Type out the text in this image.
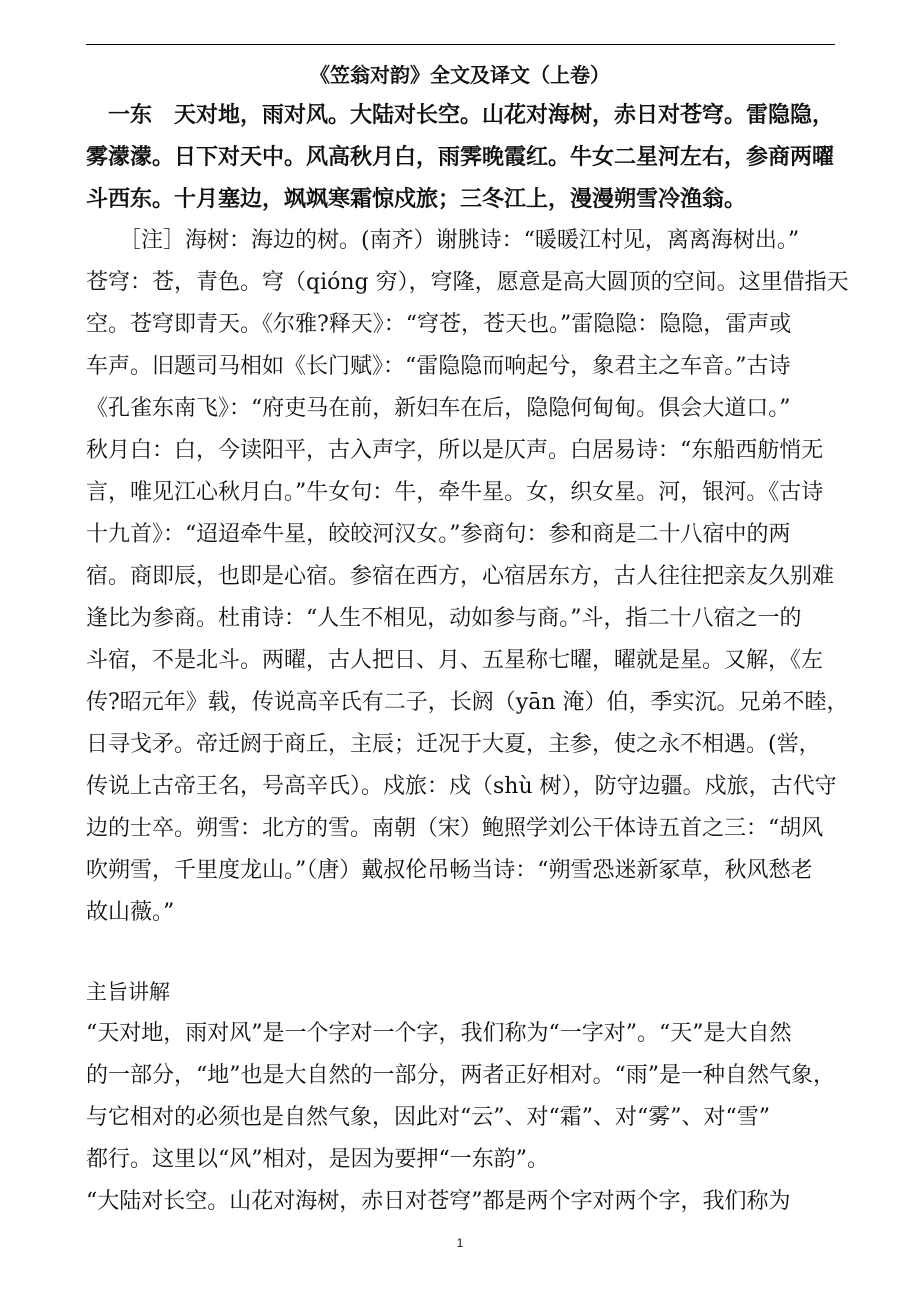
《笠翁对韵》全文及译文（上卷）
　一东　天对地，雨对风。大陆对长空。山花对海树，赤日对苍穹。雷隐隐，
雾濛濛。日下对天中。风高秋月白，雨霁晚霞红。牛女二星河左右，参商两曜
斗西东。十月塞边，飒飒寒霜惊戍旅；三冬江上，漫漫朔雪冷渔翁。
　　［注］海树：海边的树。(南齐）谢朓诗：“暖暖江村见，离离海树出。”
苍穹：苍，青色。穹（qióng 穷），穹隆，愿意是高大圆顶的空间。这里借指天
空。苍穹即青天。《尔雅?释天》：“穹苍，苍天也。”雷隐隐：隐隐，雷声或
车声。旧题司马相如《长门赋》：“雷隐隐而响起兮，象君主之车音。”古诗
《孔雀东南飞》：“府吏马在前，新妇车在后，隐隐何甸甸。俱会大道口。”
秋月白：白，今读阳平，古入声字，所以是仄声。白居易诗：“东船西舫悄无
言，唯见江心秋月白。”牛女句：牛，牵牛星。女，织女星。河，银河。《古诗
十九首》：“迢迢牵牛星，皎皎河汉女。”参商句：参和商是二十八宿中的两
宿。商即辰，也即是心宿。参宿在西方，心宿居东方，古人往往把亲友久别难
逢比为参商。杜甫诗：“人生不相见，动如参与商。”斗，指二十八宿之一的
斗宿，不是北斗。两曜，古人把日、月、五星称七曜，曜就是星。又解，《左
传?昭元年》载，传说高辛氏有二子，长阏（yān 淹）伯，季实沉。兄弟不睦，
日寻戈矛。帝迁阏于商丘，主辰；迁况于大夏，主参，使之永不相遇。(喾，
传说上古帝王名，号高辛氏）。戍旅：戍（shù 树），防守边疆。戍旅，古代守
边的士卒。朔雪：北方的雪。南朝（宋）鲍照学刘公干体诗五首之三：“胡风
吹朔雪，千里度龙山。”（唐）戴叔伦吊畅当诗：“朔雪恐迷新冢草，秋风愁老
故山薇。”
主旨讲解
“天对地，雨对风”是一个字对一个字，我们称为“一字对”。“天”是大自然
的一部分，“地”也是大自然的一部分，两者正好相对。“雨”是一种自然气象，
与它相对的必须也是自然气象，因此对“云”、对“霜”、对“雾”、对“雪”
都行。这里以“风”相对，是因为要押“一东韵”。
“大陆对长空。山花对海树，赤日对苍穹”都是两个字对两个字，我们称为
1
